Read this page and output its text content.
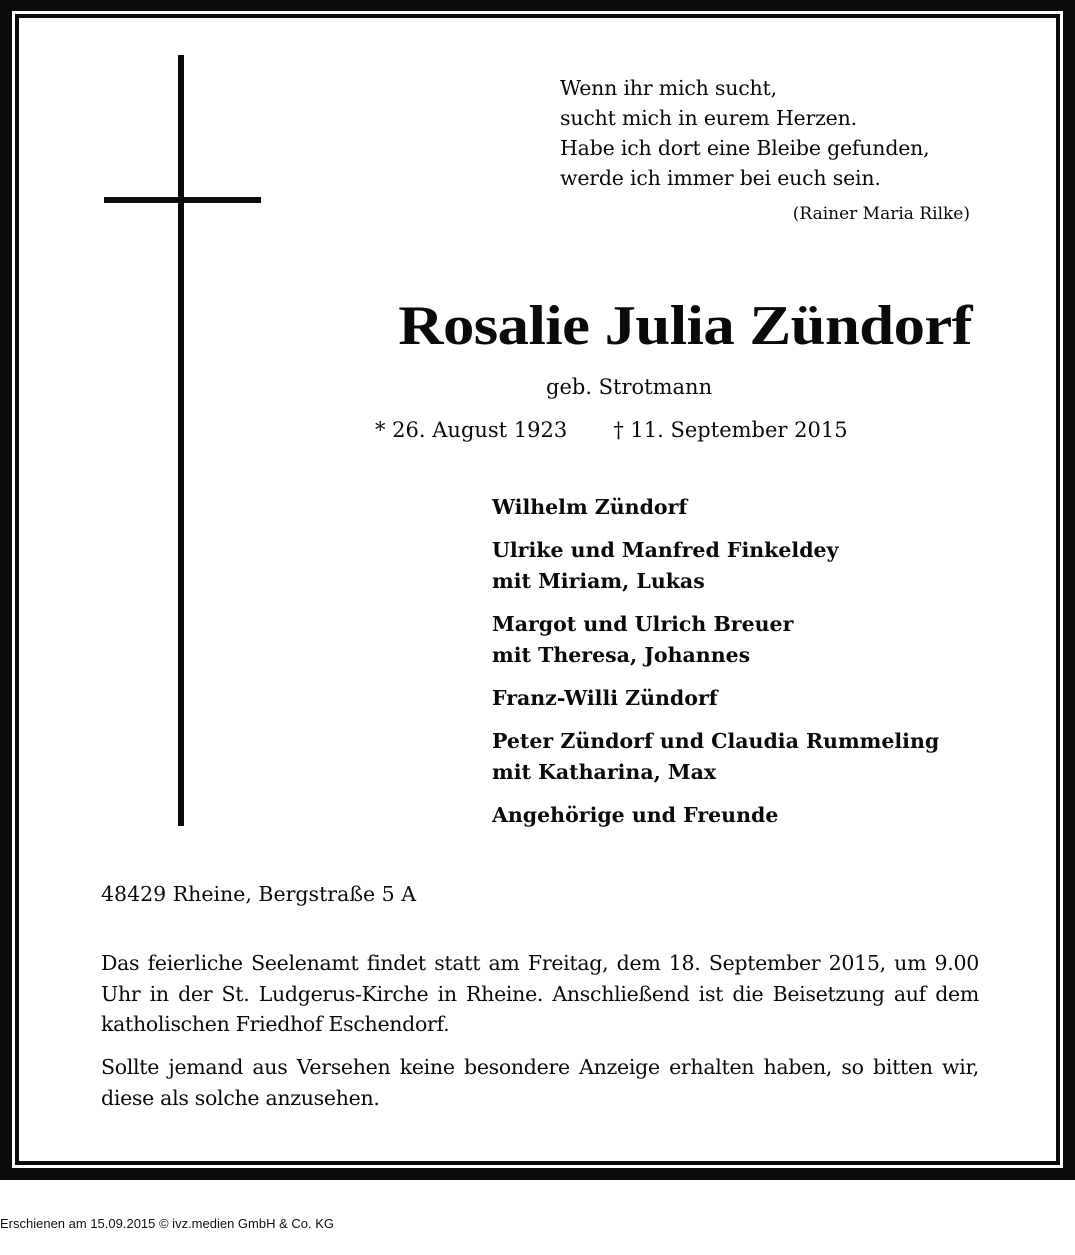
Wenn ihr mich sucht,
sucht mich in eurem Herzen.
Habe ich dort eine Bleibe gefunden,
werde ich immer bei euch sein.
(Rainer Maria Rilke)
Rosalie Julia Zündorf
geb. Strotmann
* 26. August 1923 † 11. September 2015
Wilhelm Zündorf
Ulrike und Manfred Finkeldey
mit Miriam, Lukas
Margot und Ulrich Breuer
mit Theresa, Johannes
Franz-Willi Zündorf
Peter Zündorf und Claudia Rummeling
mit Katharina, Max
Angehörige und Freunde
48429 Rheine, Bergstraße 5 A
Das feierliche Seelenamt findet statt am Freitag, dem 18. September 2015, um 9.00 Uhr in der St. Ludgerus-Kirche in Rheine. Anschließend ist die Beisetzung auf dem katholischen Friedhof Eschendorf.
Sollte jemand aus Versehen keine besondere Anzeige erhalten haben, so bitten wir, diese als solche anzusehen.
Erschienen am 15.09.2015 © ivz.medien GmbH & Co. KG
